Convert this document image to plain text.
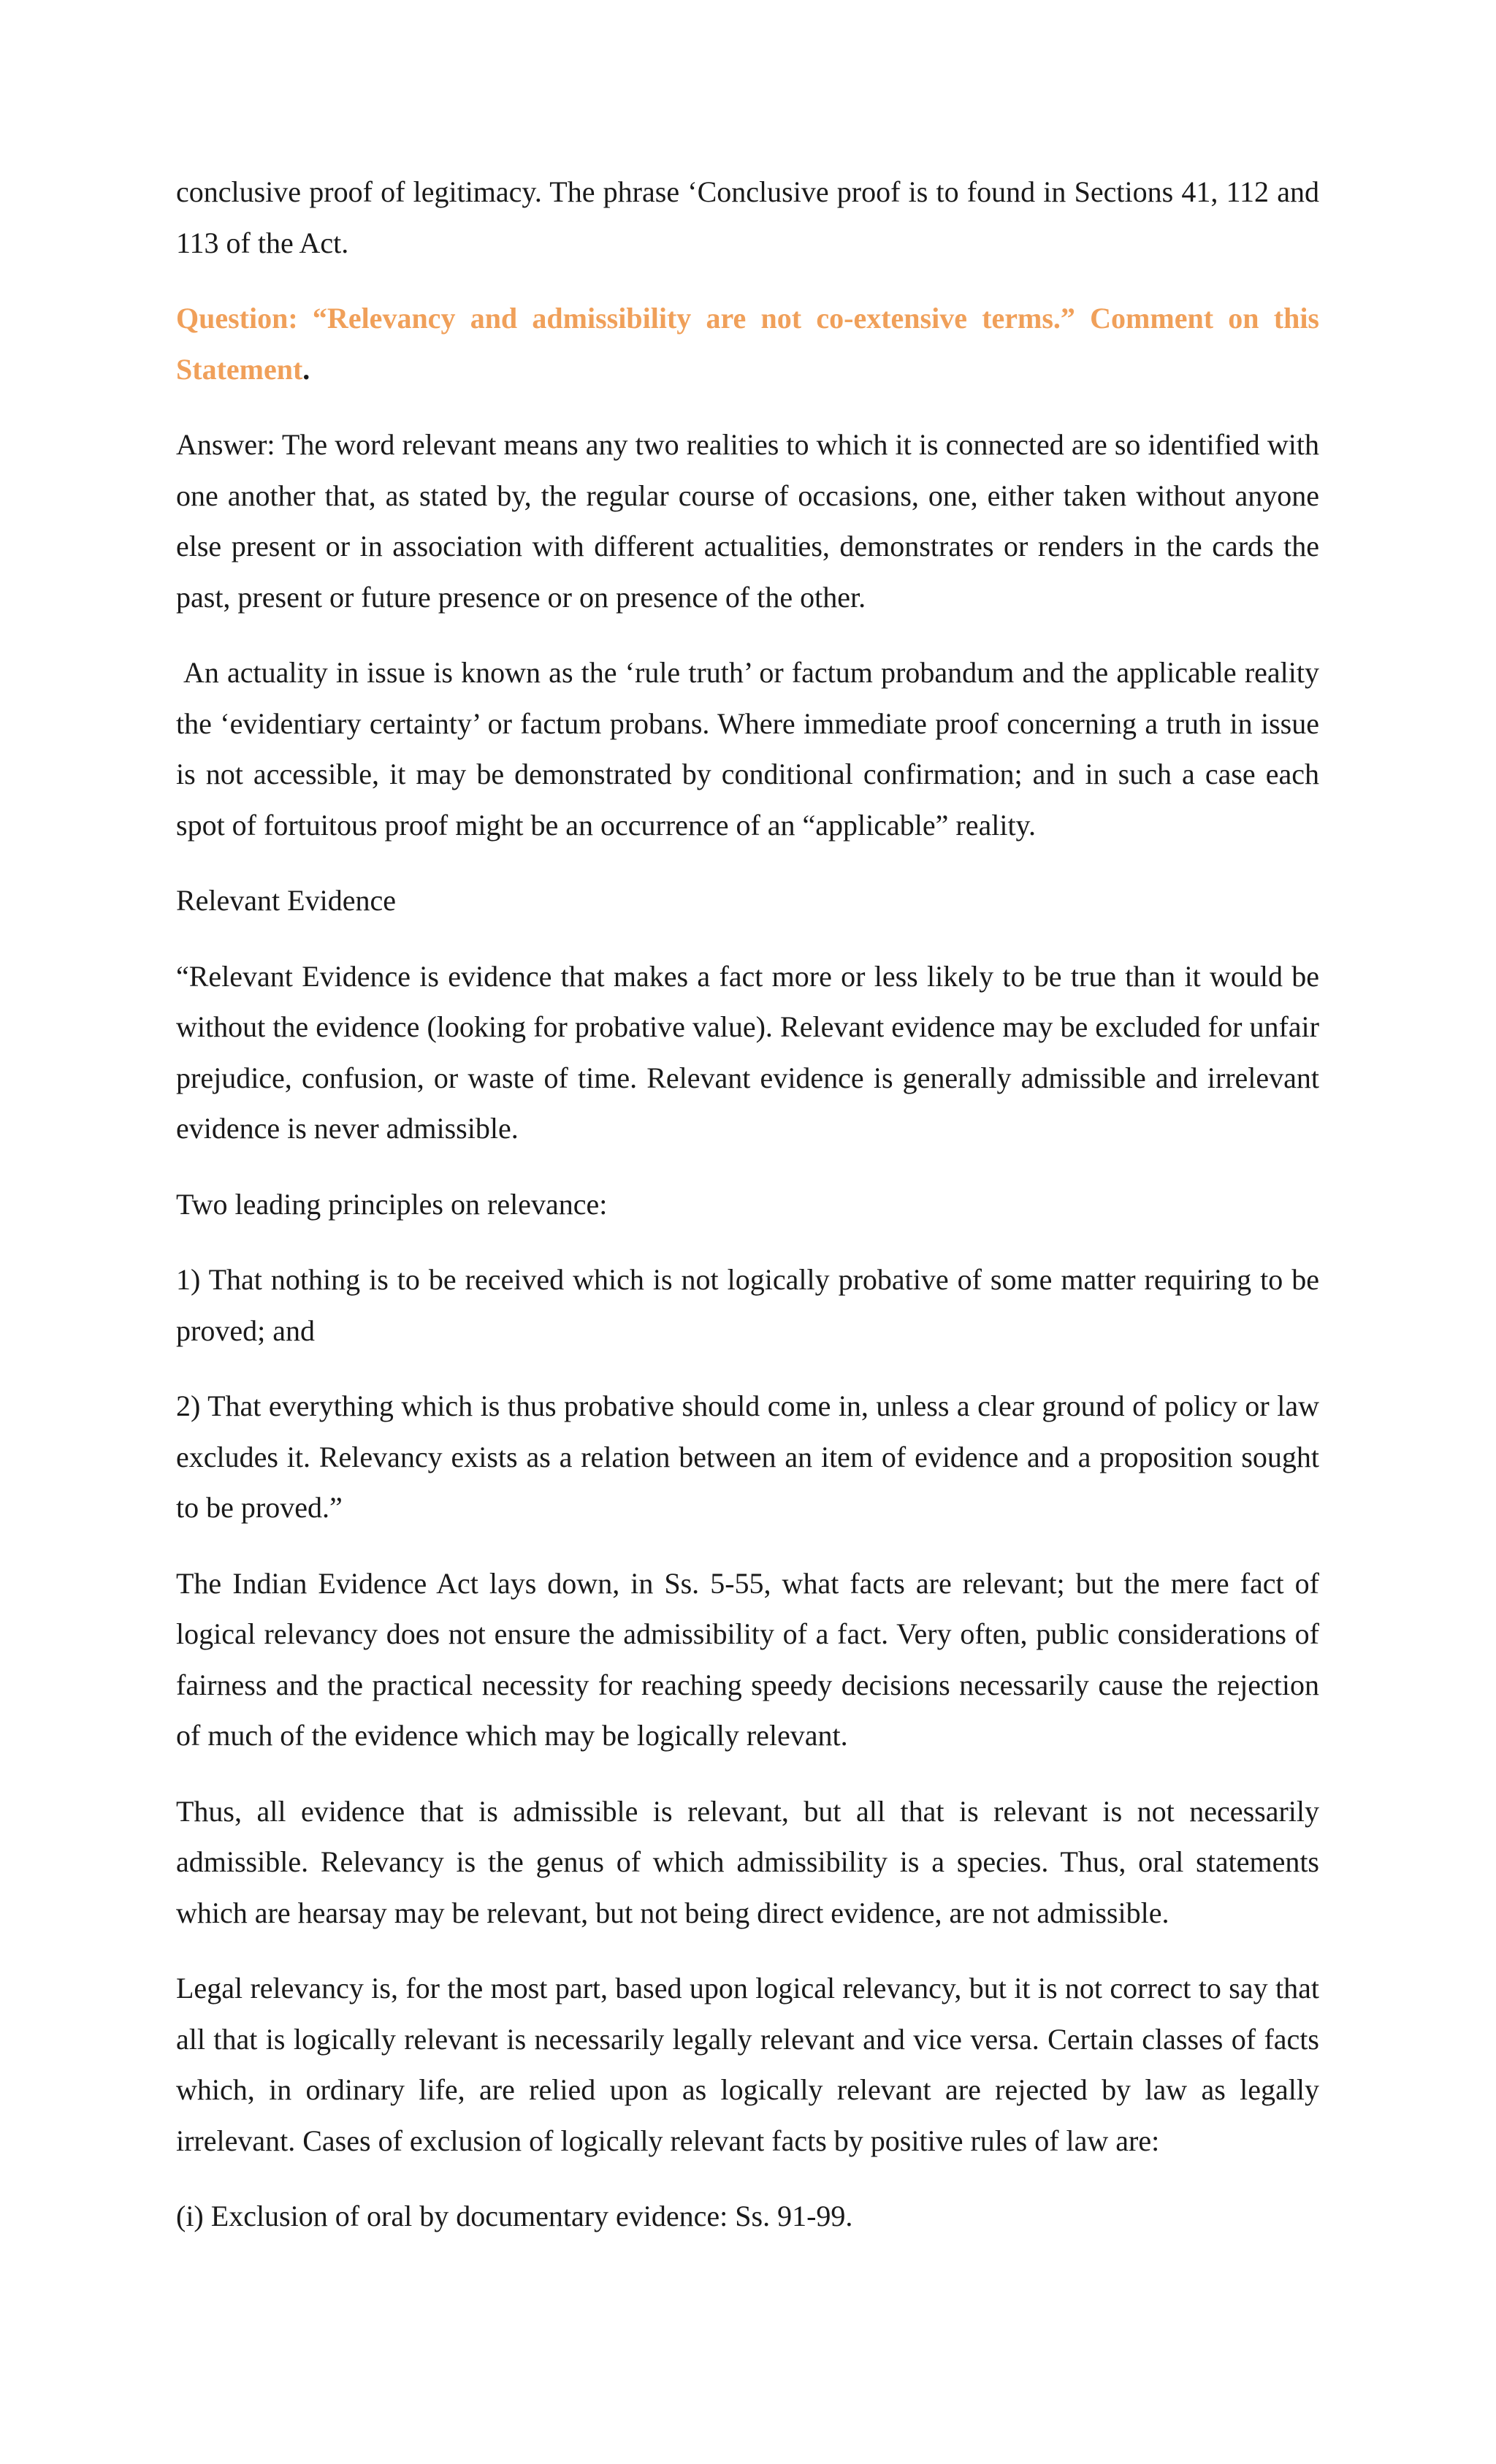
conclusive proof of legitimacy. The phrase ‘Conclusive proof is to found in Sections 41, 112 and 113 of the Act.

Question: “Relevancy and admissibility are not co-extensive terms.” Comment on this Statement.

Answer: The word relevant means any two realities to which it is connected are so identified with one another that, as stated by, the regular course of occasions, one, either taken without anyone else present or in association with different actualities, demonstrates or renders in the cards the past, present or future presence or on presence of the other.

An actuality in issue is known as the ‘rule truth’ or factum probandum and the applicable reality the ‘evidentiary certainty’ or factum probans. Where immediate proof concerning a truth in issue is not accessible, it may be demonstrated by conditional confirmation; and in such a case each spot of fortuitous proof might be an occurrence of an “applicable” reality.

Relevant Evidence

“Relevant Evidence is evidence that makes a fact more or less likely to be true than it would be without the evidence (looking for probative value). Relevant evidence may be excluded for unfair prejudice, confusion, or waste of time. Relevant evidence is generally admissible and irrelevant evidence is never admissible.

Two leading principles on relevance:

1) That nothing is to be received which is not logically probative of some matter requiring to be proved; and

2) That everything which is thus probative should come in, unless a clear ground of policy or law excludes it. Relevancy exists as a relation between an item of evidence and a proposition sought to be proved.”

The Indian Evidence Act lays down, in Ss. 5-55, what facts are relevant; but the mere fact of logical relevancy does not ensure the admissibility of a fact. Very often, public considerations of fairness and the practical necessity for reaching speedy decisions necessarily cause the rejection of much of the evidence which may be logically relevant.

Thus, all evidence that is admissible is relevant, but all that is relevant is not necessarily admissible. Relevancy is the genus of which admissibility is a species. Thus, oral statements which are hearsay may be relevant, but not being direct evidence, are not admissible.

Legal relevancy is, for the most part, based upon logical relevancy, but it is not correct to say that all that is logically relevant is necessarily legally relevant and vice versa. Certain classes of facts which, in ordinary life, are relied upon as logically relevant are rejected by law as legally irrelevant. Cases of exclusion of logically relevant facts by positive rules of law are:

(i) Exclusion of oral by documentary evidence: Ss. 91-99.
